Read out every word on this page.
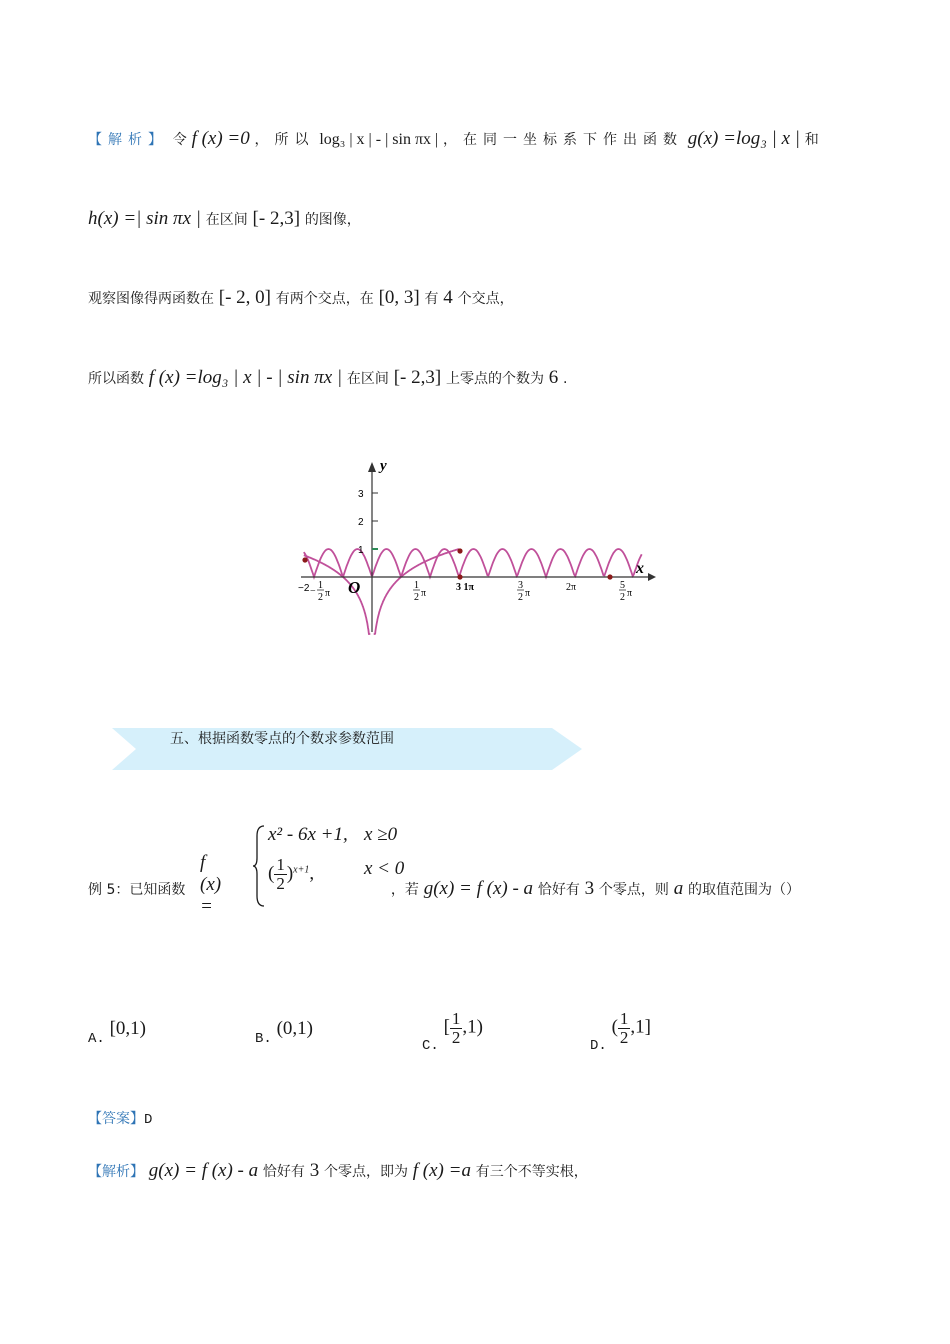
【解析】 令 f (x) =0 ，所以 log₃ | x | - | sin πx | ，在同一坐标系下作出函数 g(x) =log₃ | x | 和
h(x) =| sin πx | 在区间 [- 2,3] 的图像，
观察图像得两函数在 [- 2, 0] 有两个交点，在 [0, 3] 有 4 个交点，
所以函数 f (x) =log₃ | x | - | sin πx | 在区间 [- 2,3] 上零点的个数为 6 .
y
x
O
3
2
1
−2 −
1
2 π
1
2 π
3 1π	3
2 π
2π	5
2 π
五、根据函数零点的个数求参数范围
f (x) =
x² - 6x +1, x ≥0
( $\frac{1}{2} )^{x+1}$,	x < 0
例 5：已知函数	，若 g(x) = f (x) - a 恰好有 3 个零点，则 a 的取值范围为（）
A. [0,1)	B. (0,1)
C. [ $\frac{1}{2} ,1$)
D. ( $\frac{1}{2} ,1$]
【答案】D
【解析】 g(x) = f (x) - a 恰好有 3 个零点，即为 f (x) =a 有三个不等实根，
